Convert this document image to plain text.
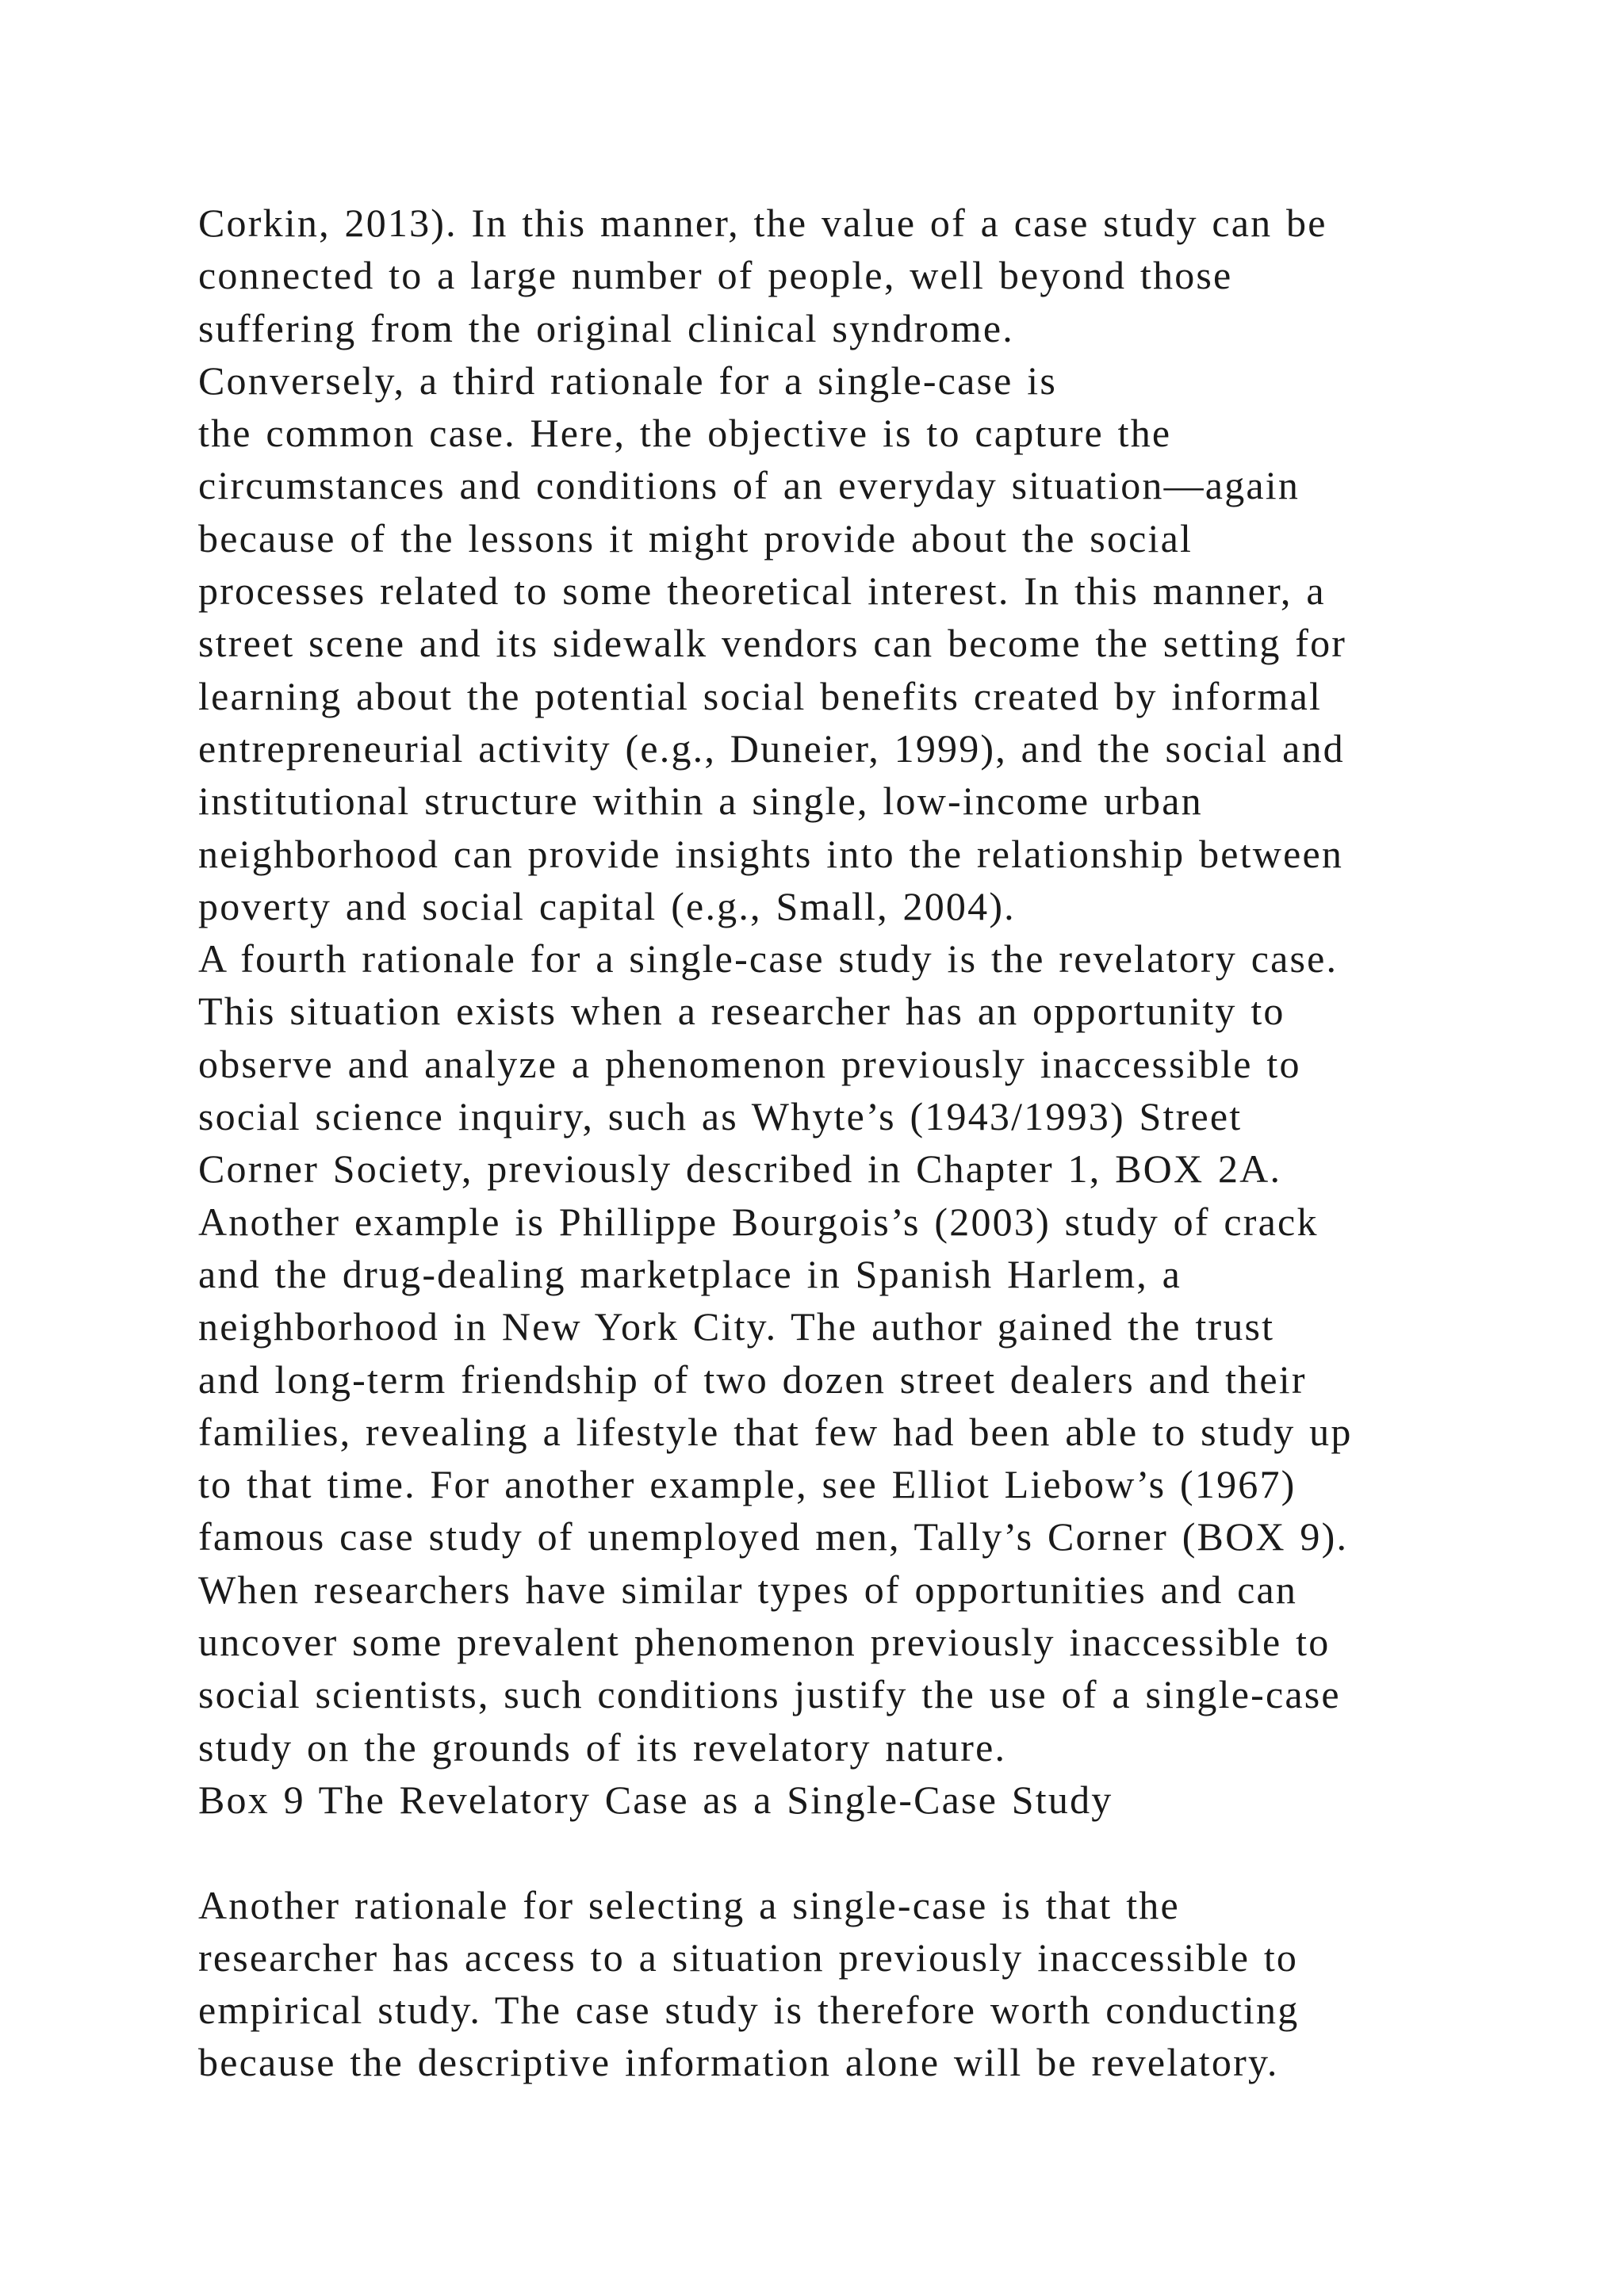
Corkin, 2013). In this manner, the value of a case study can be
connected to a large number of people, well beyond those
suffering from the original clinical syndrome.
Conversely, a third rationale for a single-case is
the common case. Here, the objective is to capture the
circumstances and conditions of an everyday situation—again
because of the lessons it might provide about the social
processes related to some theoretical interest. In this manner, a
street scene and its sidewalk vendors can become the setting for
learning about the potential social benefits created by informal
entrepreneurial activity (e.g., Duneier, 1999), and the social and
institutional structure within a single, low-income urban
neighborhood can provide insights into the relationship between
poverty and social capital (e.g., Small, 2004).
A fourth rationale for a single-case study is the revelatory case.
This situation exists when a researcher has an opportunity to
observe and analyze a phenomenon previously inaccessible to
social science inquiry, such as Whyte’s (1943/1993) Street
Corner Society, previously described in Chapter 1, BOX 2A.
Another example is Phillippe Bourgois’s (2003) study of crack
and the drug-dealing marketplace in Spanish Harlem, a
neighborhood in New York City. The author gained the trust
and long-term friendship of two dozen street dealers and their
families, revealing a lifestyle that few had been able to study up
to that time. For another example, see Elliot Liebow’s (1967)
famous case study of unemployed men, Tally’s Corner (BOX 9).
When researchers have similar types of opportunities and can
uncover some prevalent phenomenon previously inaccessible to
social scientists, such conditions justify the use of a single-case
study on the grounds of its revelatory nature.
Box 9 The Revelatory Case as a Single-Case Study
Another rationale for selecting a single-case is that the
researcher has access to a situation previously inaccessible to
empirical study. The case study is therefore worth conducting
because the descriptive information alone will be revelatory.
